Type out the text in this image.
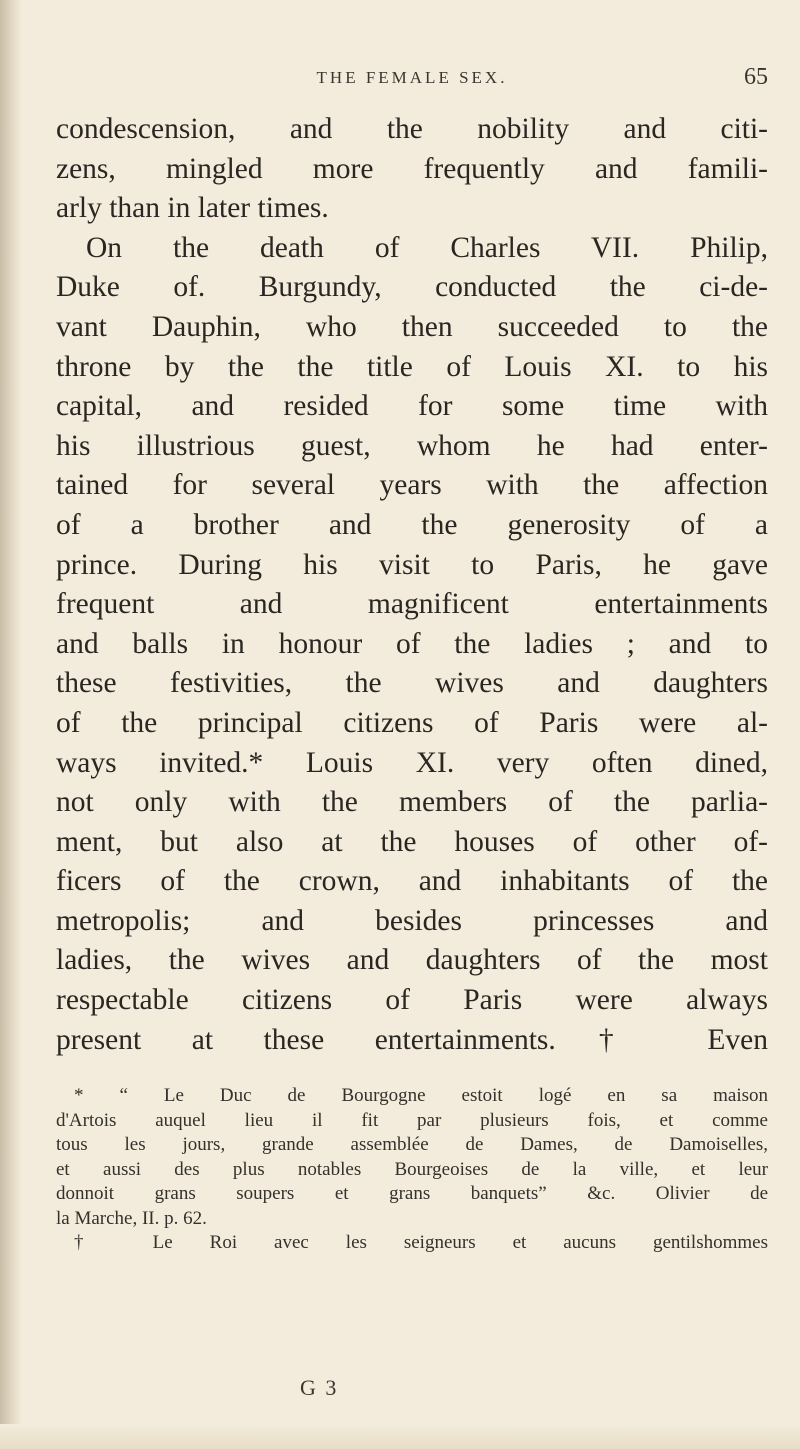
THE FEMALE SEX.	65
condescension, and the nobility and citi-
zens, mingled more frequently and famili-
arly than in later times.
On the death of Charles VII. Philip,
Duke of. Burgundy, conducted the ci-de-
vant Dauphin, who then succeeded to the
throne by the the title of Louis XI. to his
capital, and resided for some time with
his illustrious guest, whom he had enter-
tained for several years with the affection
of a brother and the generosity of a
prince. During his visit to Paris, he gave
frequent and magnificent entertainments
and balls in honour of the ladies ; and to
these festivities, the wives and daughters
of the principal citizens of Paris were al-
ways invited.* Louis XI. very often dined,
not only with the members of the parlia-
ment, but also at the houses of other of-
ficers of the crown, and inhabitants of the
metropolis; and besides princesses and
ladies, the wives and daughters of the most
respectable citizens of Paris were always
present at these entertainments.† Even
* “ Le Duc de Bourgogne estoit logé en sa maison
d'Artois auquel lieu il fit par plusieurs fois, et comme
tous les jours, grande assemblée de Dames, de Damoiselles,
et aussi des plus notables Bourgeoises de la ville, et leur
donnoit grans soupers et grans banquets” &c. Olivier de
la Marche, II. p. 62.
† Le Roi avec les seigneurs et aucuns gentilshommes
G 3
